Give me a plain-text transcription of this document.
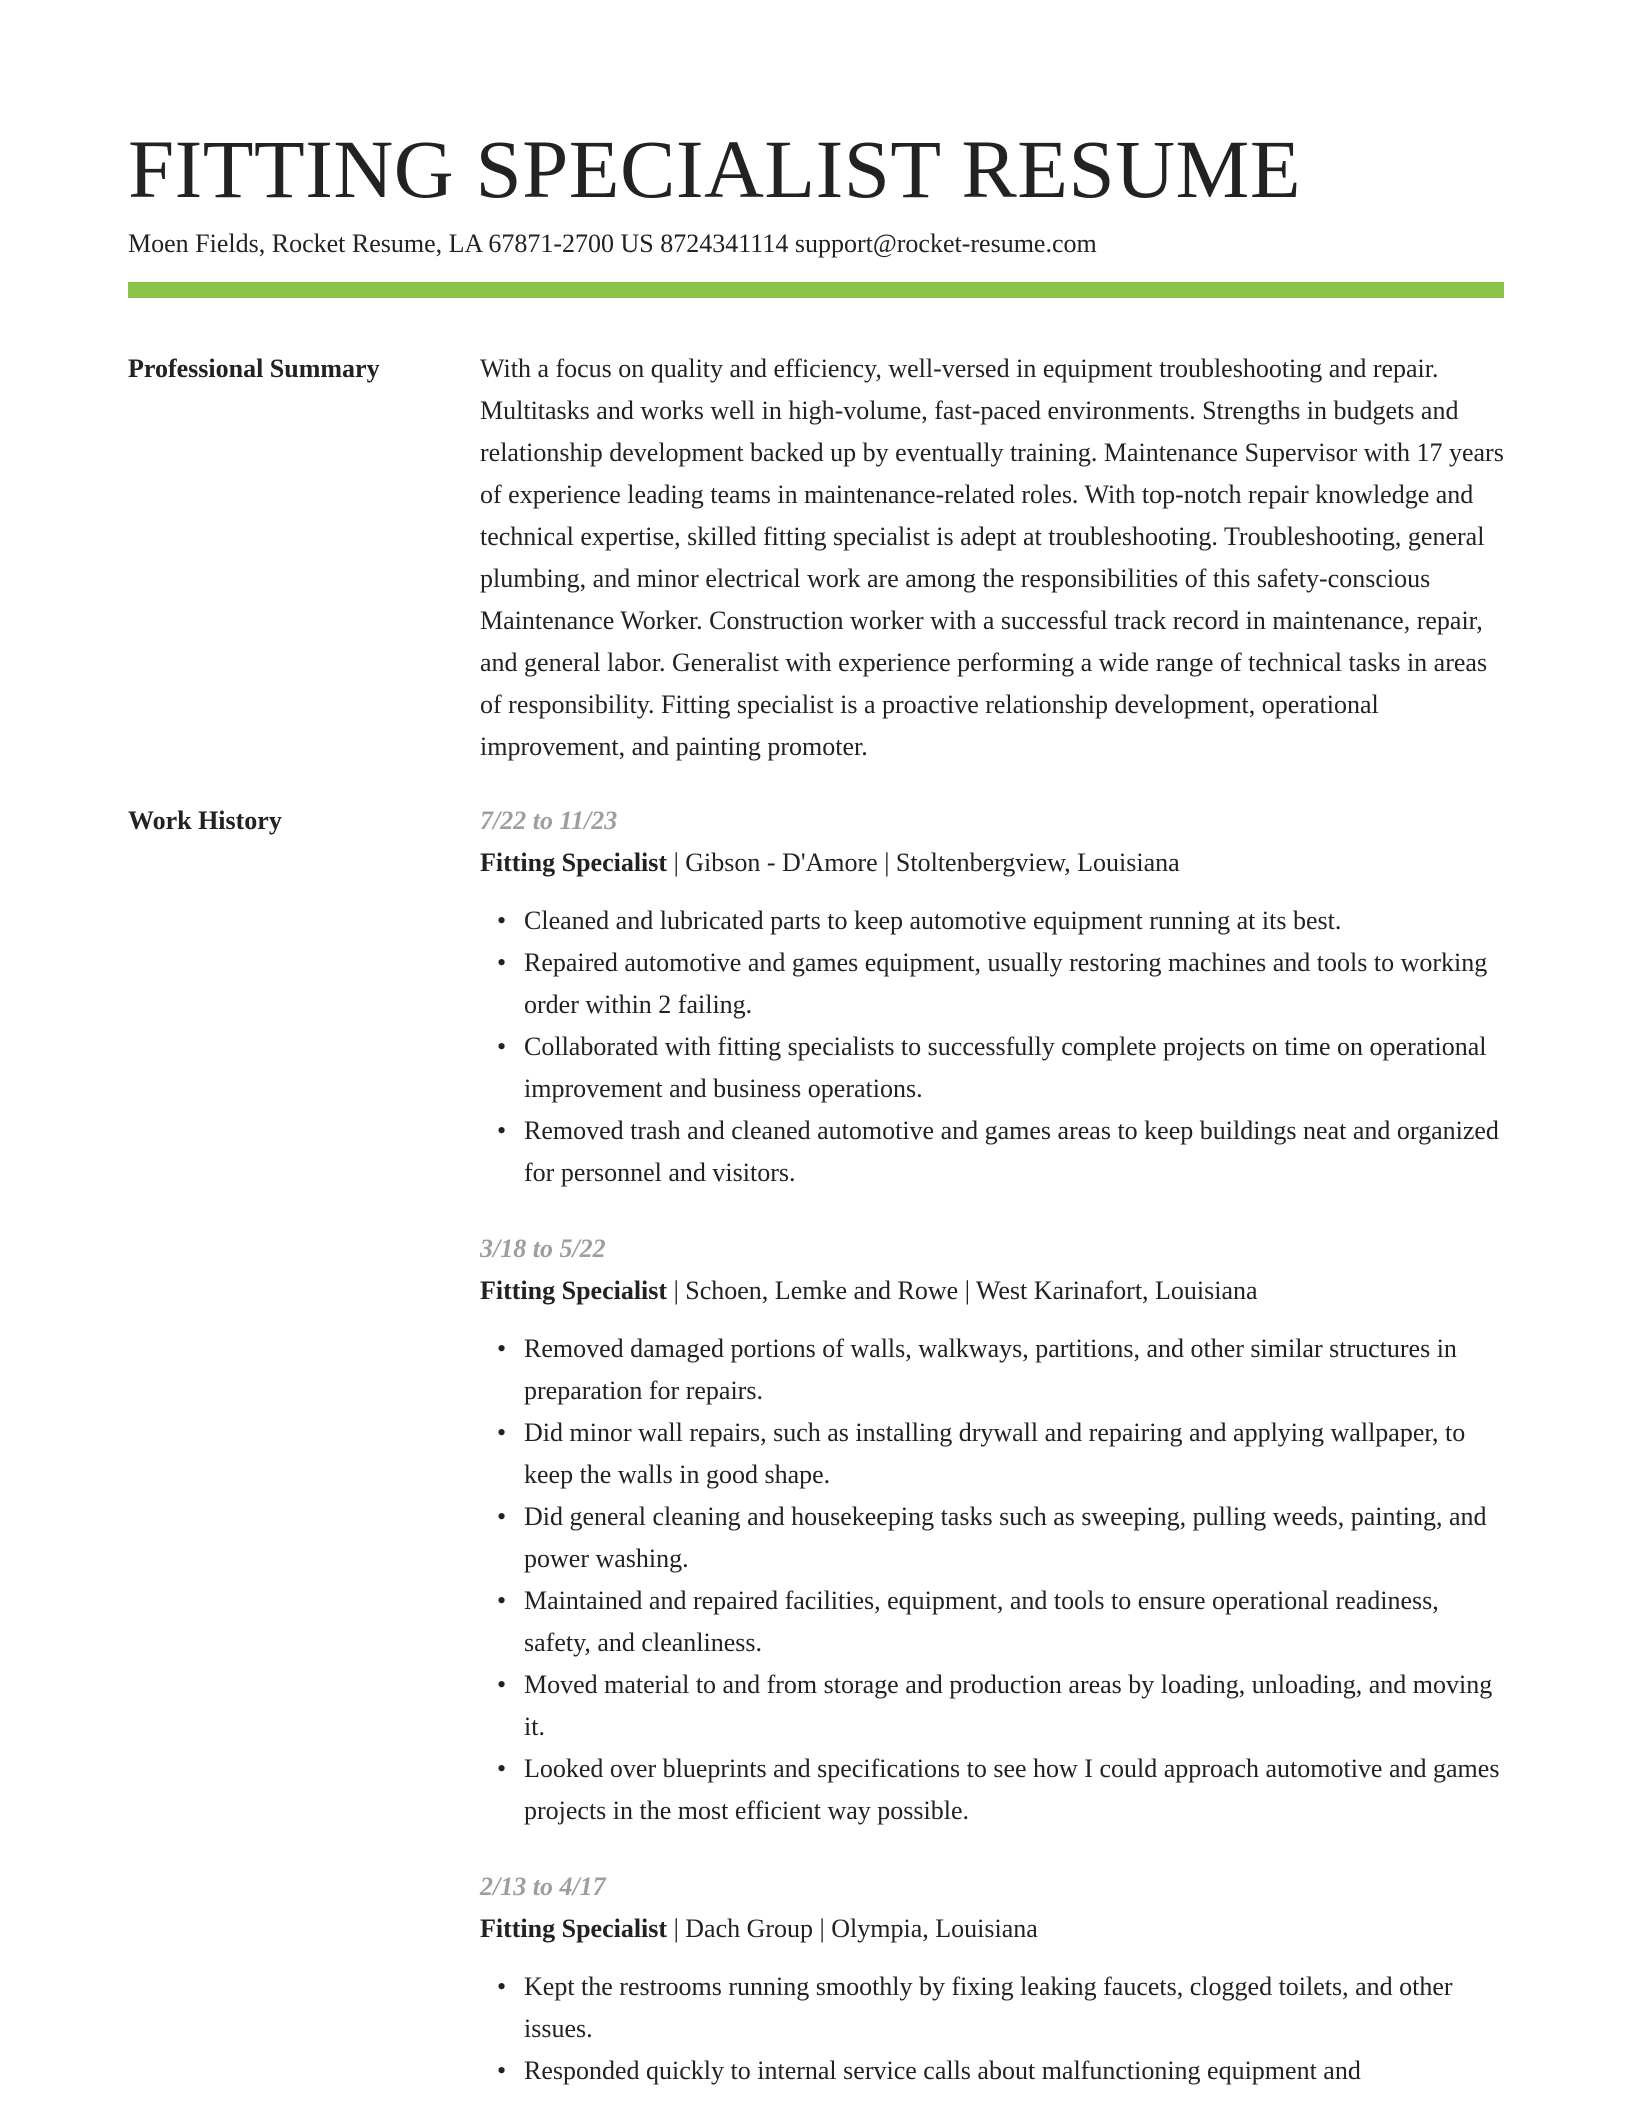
FITTING SPECIALIST RESUME
Moen Fields, Rocket Resume, LA 67871-2700 US 8724341114 support@rocket-resume.com
Professional Summary	With a focus on quality and efficiency, well-versed in equipment troubleshooting and repair. Multitasks and works well in high-volume, fast-paced environments. Strengths in budgets and relationship development backed up by eventually training. Maintenance Supervisor with 17 years of experience leading teams in maintenance-related roles. With top-notch repair knowledge and technical expertise, skilled fitting specialist is adept at troubleshooting. Troubleshooting, general plumbing, and minor electrical work are among the responsibilities of this safety-conscious Maintenance Worker. Construction worker with a successful track record in maintenance, repair, and general labor. Generalist with experience performing a wide range of technical tasks in areas of responsibility. Fitting specialist is a proactive relationship development, operational improvement, and painting promoter.
Work History	7/22 to 11/23
Fitting Specialist | Gibson - D'Amore | Stoltenbergview, Louisiana
• Cleaned and lubricated parts to keep automotive equipment running at its best.
• Repaired automotive and games equipment, usually restoring machines and tools to working order within 2 failing.
• Collaborated with fitting specialists to successfully complete projects on time on operational improvement and business operations.
• Removed trash and cleaned automotive and games areas to keep buildings neat and organized for personnel and visitors.
3/18 to 5/22
Fitting Specialist | Schoen, Lemke and Rowe | West Karinafort, Louisiana
• Removed damaged portions of walls, walkways, partitions, and other similar structures in preparation for repairs.
• Did minor wall repairs, such as installing drywall and repairing and applying wallpaper, to keep the walls in good shape.
• Did general cleaning and housekeeping tasks such as sweeping, pulling weeds, painting, and power washing.
• Maintained and repaired facilities, equipment, and tools to ensure operational readiness, safety, and cleanliness.
• Moved material to and from storage and production areas by loading, unloading, and moving it.
• Looked over blueprints and specifications to see how I could approach automotive and games projects in the most efficient way possible.
2/13 to 4/17
Fitting Specialist | Dach Group | Olympia, Louisiana
• Kept the restrooms running smoothly by fixing leaking faucets, clogged toilets, and other issues.
• Responded quickly to internal service calls about malfunctioning equipment and
